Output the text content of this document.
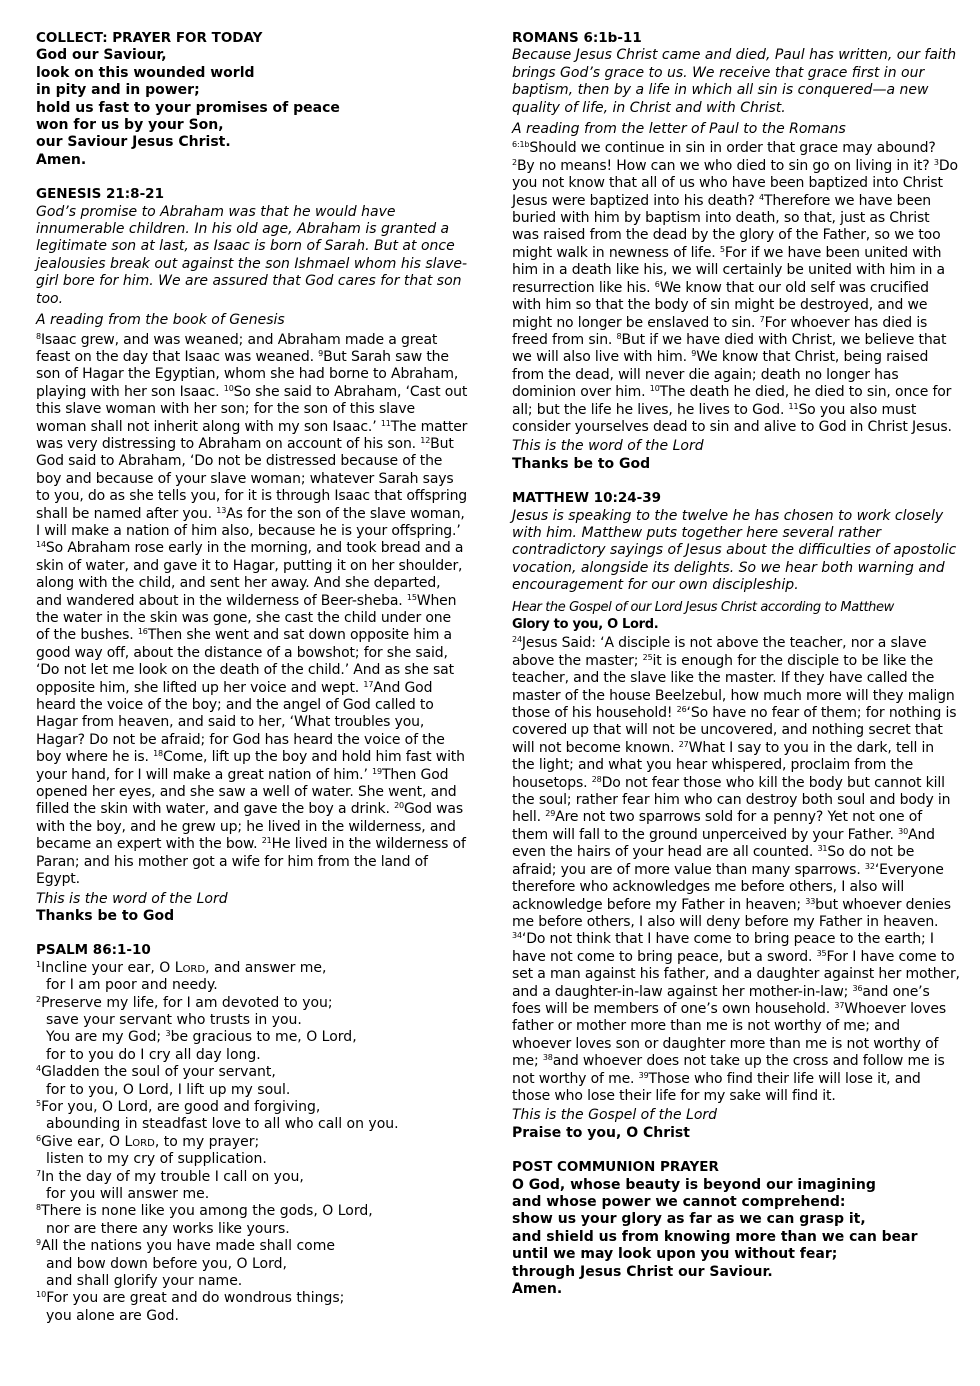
COLLECT: PRAYER FOR TODAY
God our Saviour,
look on this wounded world
in pity and in power;
hold us fast to your promises of peace
won for us by your Son,
our Saviour Jesus Christ.
Amen.
GENESIS 21:8-21

God’s promise to Abraham was that he would have innumerable children. In his old age, Abraham is granted a legitimate son at last, as Isaac is born of Sarah. But at once jealousies break out against the son Ishmael whom his slave-girl bore for him. We are assured that God cares for that son too.

A reading from the book of Genesis

$^8$Isaac grew, and was weaned; and Abraham made a great feast on the day that Isaac was weaned. $^9$But Sarah saw the son of Hagar the Egyptian, whom she had borne to Abraham, playing with her son Isaac. $^{10}$So she said to Abraham, ‘Cast out this slave woman with her son; for the son of this slave woman shall not inherit along with my son Isaac.’ $^{11}$The matter was very distressing to Abraham on account of his son. $^{12}$But God said to Abraham, ‘Do not be distressed because of the boy and because of your slave woman; whatever Sarah says to you, do as she tells you, for it is through Isaac that offspring shall be named after you. $^{13}$As for the son of the slave woman, I will make a nation of him also, because he is your offspring.’ $^{14}$So Abraham rose early in the morning, and took bread and a skin of water, and gave it to Hagar, putting it on her shoulder, along with the child, and sent her away. And she departed, and wandered about in the wilderness of Beer-sheba. $^{15}$When the water in the skin was gone, she cast the child under one of the bushes. $^{16}$Then she went and sat down opposite him a good way off, about the distance of a bowshot; for she said, ‘Do not let me look on the death of the child.’ And as she sat opposite him, she lifted up her voice and wept. $^{17}$And God heard the voice of the boy; and the angel of God called to Hagar from heaven, and said to her, ‘What troubles you, Hagar? Do not be afraid; for God has heard the voice of the boy where he is. $^{18}$Come, lift up the boy and hold him fast with your hand, for I will make a great nation of him.’ $^{19}$Then God opened her eyes, and she saw a well of water. She went, and filled the skin with water, and gave the boy a drink. $^{20}$God was with the boy, and he grew up; he lived in the wilderness, and became an expert with the bow. $^{21}$He lived in the wilderness of Paran; and his mother got a wife for him from the land of Egypt.

This is the word of the Lord

Thanks be to God

PSALM 86:1-10
$^1$Incline your ear, O Lord, and answer me,
for I am poor and needy.
$^2$Preserve my life, for I am devoted to you;
save your servant who trusts in you.
You are my God; $^3$be gracious to me, O Lord,
for to you do I cry all day long.
$^4$Gladden the soul of your servant,
for to you, O Lord, I lift up my soul.
$^5$For you, O Lord, are good and forgiving,
abounding in steadfast love to all who call on you.
$^6$Give ear, O Lord, to my prayer;
listen to my cry of supplication.
$^7$In the day of my trouble I call on you,
for you will answer me.
$^8$There is none like you among the gods, O Lord,
nor are there any works like yours.
$^9$All the nations you have made shall come
and bow down before you, O Lord,
and shall glorify your name.
$^{10}$For you are great and do wondrous things;
you alone are God.
ROMANS 6:1b-11

Because Jesus Christ came and died, Paul has written, our faith brings God’s grace to us. We receive that grace first in our baptism, then by a life in which all sin is conquered—a new quality of life, in Christ and with Christ.

A reading from the letter of Paul to the Romans

$^{6:1b}$Should we continue in sin in order that grace may abound? $^2$By no means! How can we who died to sin go on living in it? $^3$Do you not know that all of us who have been baptized into Christ Jesus were baptized into his death? $^4$Therefore we have been buried with him by baptism into death, so that, just as Christ was raised from the dead by the glory of the Father, so we too might walk in newness of life. $^5$For if we have been united with him in a death like his, we will certainly be united with him in a resurrection like his. $^6$We know that our old self was crucified with him so that the body of sin might be destroyed, and we might no longer be enslaved to sin. $^7$For whoever has died is freed from sin. $^8$But if we have died with Christ, we believe that we will also live with him. $^9$We know that Christ, being raised from the dead, will never die again; death no longer has dominion over him. $^{10}$The death he died, he died to sin, once for all; but the life he lives, he lives to God. $^{11}$So you also must consider yourselves dead to sin and alive to God in Christ Jesus.

This is the word of the Lord

Thanks be to God

MATTHEW 10:24-39

Jesus is speaking to the twelve he has chosen to work closely with him. Matthew puts together here several rather contradictory sayings of Jesus about the difficulties of apostolic vocation, alongside its delights. So we hear both warning and encouragement for our own discipleship.

Hear the Gospel of our Lord Jesus Christ according to Matthew

Glory to you, O Lord.

$^{24}$Jesus Said: ‘A disciple is not above the teacher, nor a slave above the master; $^{25}$it is enough for the disciple to be like the teacher, and the slave like the master. If they have called the master of the house Beelzebul, how much more will they malign those of his household! $^{26}$‘So have no fear of them; for nothing is covered up that will not be uncovered, and nothing secret that will not become known. $^{27}$What I say to you in the dark, tell in the light; and what you hear whispered, proclaim from the housetops. $^{28}$Do not fear those who kill the body but cannot kill the soul; rather fear him who can destroy both soul and body in hell. $^{29}$Are not two sparrows sold for a penny? Yet not one of them will fall to the ground unperceived by your Father. $^{30}$And even the hairs of your head are all counted. $^{31}$So do not be afraid; you are of more value than many sparrows. $^{32}$‘Everyone therefore who acknowledges me before others, I also will acknowledge before my Father in heaven; $^{33}$but whoever denies me before others, I also will deny before my Father in heaven. $^{34}$‘Do not think that I have come to bring peace to the earth; I have not come to bring peace, but a sword. $^{35}$For I have come to set a man against his father, and a daughter against her mother, and a daughter-in-law against her mother-in-law; $^{36}$and one’s foes will be members of one’s own household. $^{37}$Whoever loves father or mother more than me is not worthy of me; and whoever loves son or daughter more than me is not worthy of me; $^{38}$and whoever does not take up the cross and follow me is not worthy of me. $^{39}$Those who find their life will lose it, and those who lose their life for my sake will find it.

This is the Gospel of the Lord

Praise to you, O Christ

POST COMMUNION PRAYER
O God, whose beauty is beyond our imagining
and whose power we cannot comprehend:
show us your glory as far as we can grasp it,
and shield us from knowing more than we can bear
until we may look upon you without fear;
through Jesus Christ our Saviour.
Amen.
